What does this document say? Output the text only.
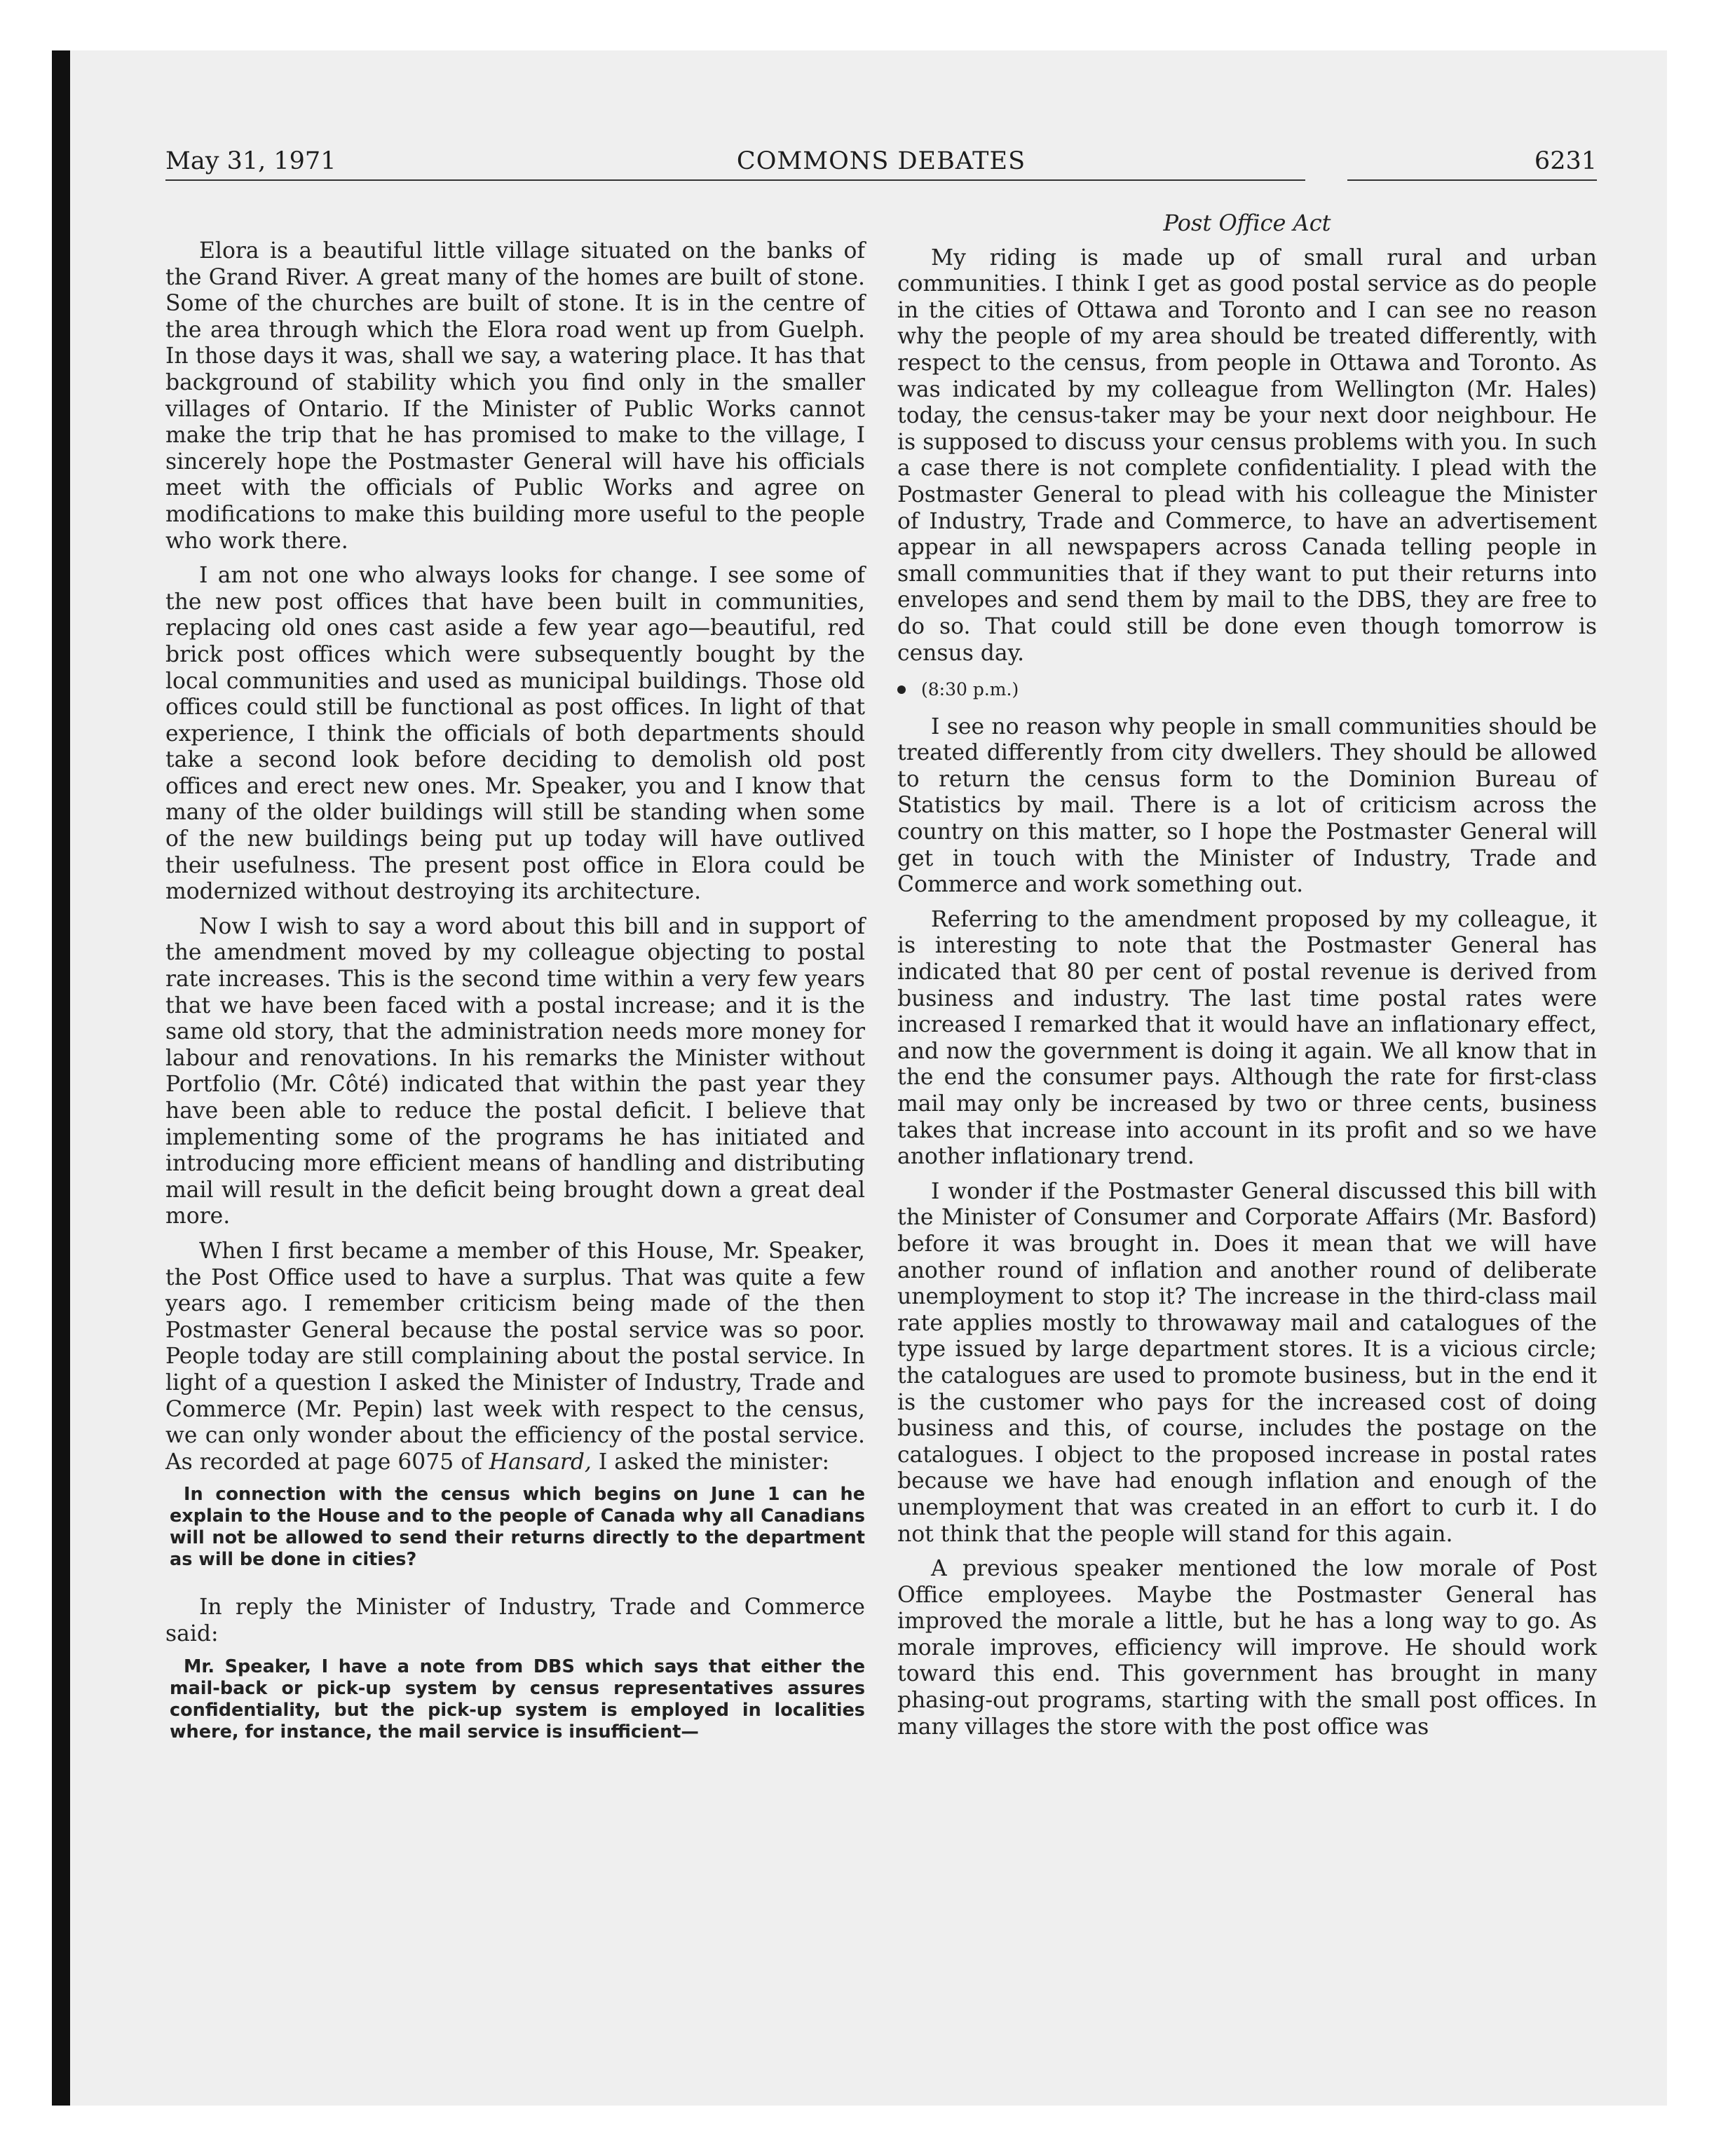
May 31, 1971	COMMONS DEBATES	6231

Elora is a beautiful little village situated on the banks of the Grand River. A great many of the homes are built of stone. Some of the churches are built of stone. It is in the centre of the area through which the Elora road went up from Guelph. In those days it was, shall we say, a watering place. It has that background of stability which you find only in the smaller villages of Ontario. If the Minister of Public Works cannot make the trip that he has promised to make to the village, I sincerely hope the Postmaster General will have his officials meet with the officials of Public Works and agree on modifications to make this building more useful to the people who work there.

I am not one who always looks for change. I see some of the new post offices that have been built in communities, replacing old ones cast aside a few year ago—beautiful, red brick post offices which were subsequently bought by the local communities and used as municipal buildings. Those old offices could still be functional as post offices. In light of that experience, I think the officials of both departments should take a second look before deciding to demolish old post offices and erect new ones. Mr. Speaker, you and I know that many of the older buildings will still be standing when some of the new buildings being put up today will have outlived their usefulness. The present post office in Elora could be modernized without destroying its architecture.

Now I wish to say a word about this bill and in support of the amendment moved by my colleague objecting to postal rate increases. This is the second time within a very few years that we have been faced with a postal increase; and it is the same old story, that the administration needs more money for labour and renovations. In his remarks the Minister without Portfolio (Mr. Côté) indicated that within the past year they have been able to reduce the postal deficit. I believe that implementing some of the programs he has initiated and introducing more efficient means of handling and distributing mail will result in the deficit being brought down a great deal more.

When I first became a member of this House, Mr. Speaker, the Post Office used to have a surplus. That was quite a few years ago. I remember criticism being made of the then Postmaster General because the postal service was so poor. People today are still complaining about the postal service. In light of a question I asked the Minister of Industry, Trade and Commerce (Mr. Pepin) last week with respect to the census, we can only wonder about the efficiency of the postal service. As recorded at page 6075 of Hansard, I asked the minister:

In connection with the census which begins on June 1 can he explain to the House and to the people of Canada why all Canadians will not be allowed to send their returns directly to the department as will be done in cities?

In reply the Minister of Industry, Trade and Commerce said:

Mr. Speaker, I have a note from DBS which says that either the mail-back or pick-up system by census representatives assures confidentiality, but the pick-up system is employed in localities where, for instance, the mail service is insufficient—

Post Office Act

My riding is made up of small rural and urban communities. I think I get as good postal service as do people in the cities of Ottawa and Toronto and I can see no reason why the people of my area should be treated differently, with respect to the census, from people in Ottawa and Toronto. As was indicated by my colleague from Wellington (Mr. Hales) today, the census-taker may be your next door neighbour. He is supposed to discuss your census problems with you. In such a case there is not complete confidentiality. I plead with the Postmaster General to plead with his colleague the Minister of Industry, Trade and Commerce, to have an advertisement appear in all newspapers across Canada telling people in small communities that if they want to put their returns into envelopes and send them by mail to the DBS, they are free to do so. That could still be done even though tomorrow is census day.

(8:30 p.m.)

I see no reason why people in small communities should be treated differently from city dwellers. They should be allowed to return the census form to the Dominion Bureau of Statistics by mail. There is a lot of criticism across the country on this matter, so I hope the Postmaster General will get in touch with the Minister of Industry, Trade and Commerce and work something out.

Referring to the amendment proposed by my colleague, it is interesting to note that the Postmaster General has indicated that 80 per cent of postal revenue is derived from business and industry. The last time postal rates were increased I remarked that it would have an inflationary effect, and now the government is doing it again. We all know that in the end the consumer pays. Although the rate for first-class mail may only be increased by two or three cents, business takes that increase into account in its profit and so we have another inflationary trend.

I wonder if the Postmaster General discussed this bill with the Minister of Consumer and Corporate Affairs (Mr. Basford) before it was brought in. Does it mean that we will have another round of inflation and another round of deliberate unemployment to stop it? The increase in the third-class mail rate applies mostly to throwaway mail and catalogues of the type issued by large department stores. It is a vicious circle; the catalogues are used to promote business, but in the end it is the customer who pays for the increased cost of doing business and this, of course, includes the postage on the catalogues. I object to the proposed increase in postal rates because we have had enough inflation and enough of the unemployment that was created in an effort to curb it. I do not think that the people will stand for this again.

A previous speaker mentioned the low morale of Post Office employees. Maybe the Postmaster General has improved the morale a little, but he has a long way to go. As morale improves, efficiency will improve. He should work toward this end. This government has brought in many phasing-out programs, starting with the small post offices. In many villages the store with the post office was
